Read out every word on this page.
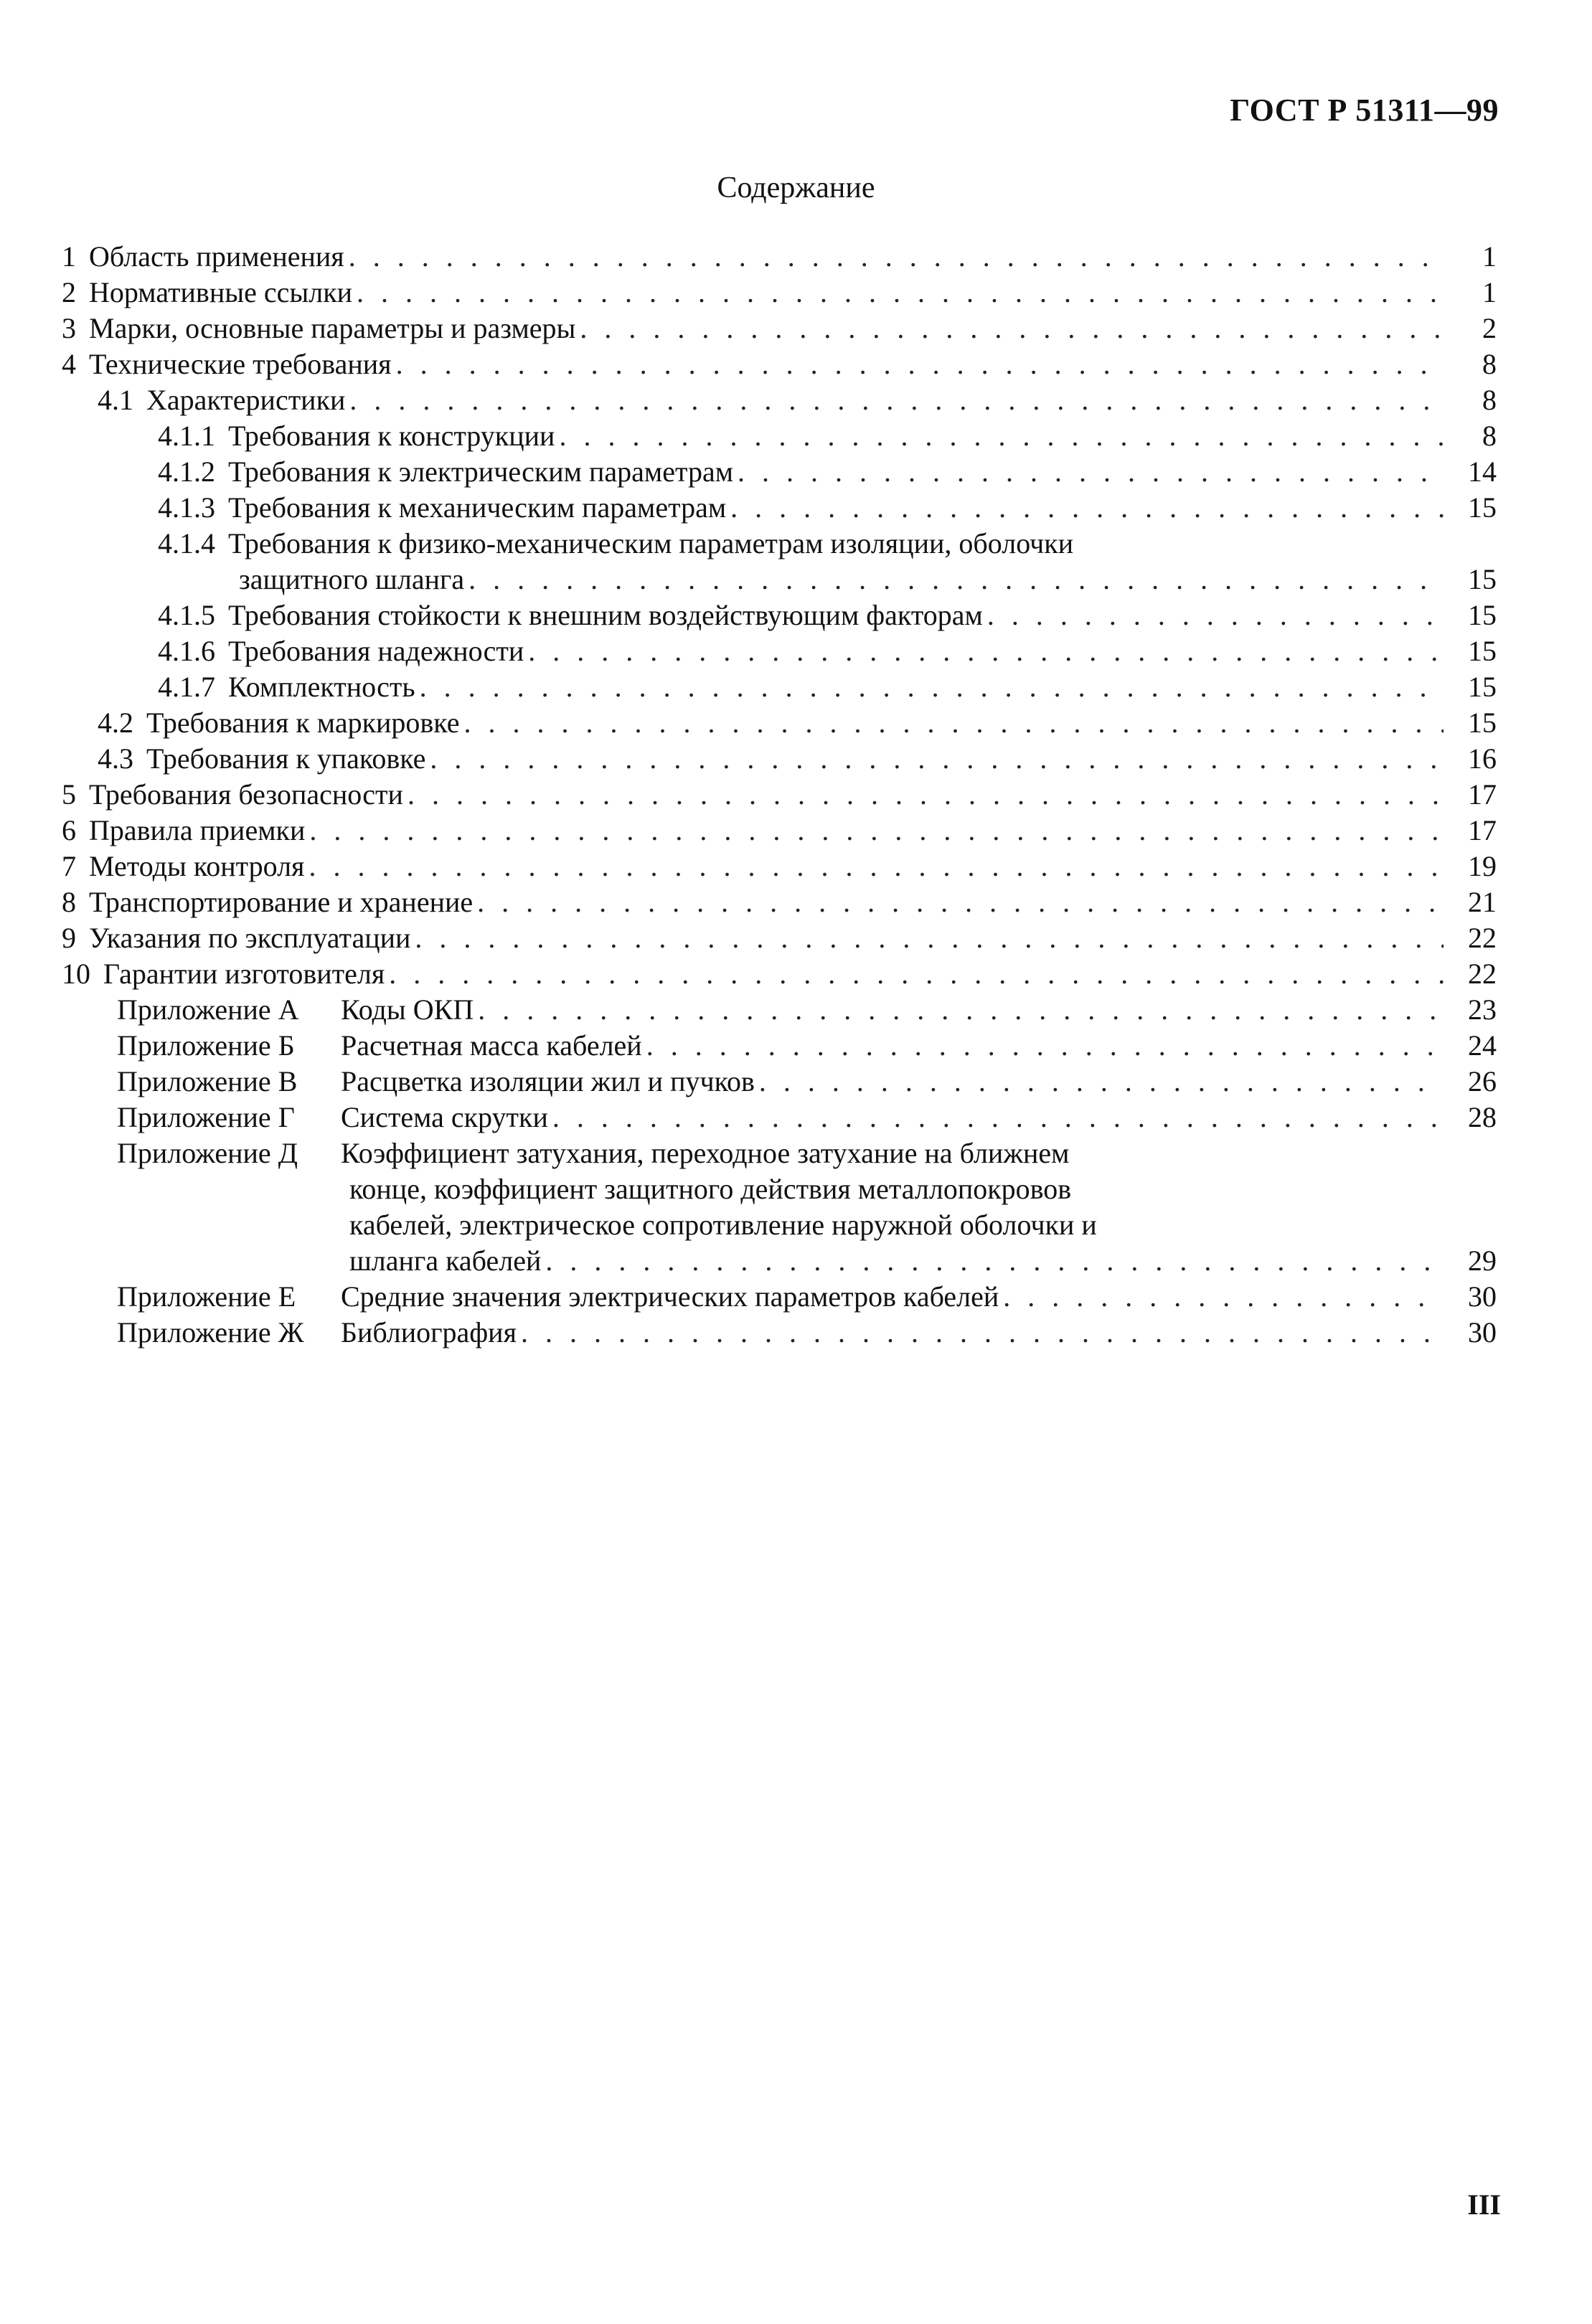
ГОСТ Р 51311—99
Содержание
1 Область применения . . .	1
2 Нормативные ссылки . . .	1
3 Марки, основные параметры и размеры . . .	2
4 Технические требования . . .	8
4.1 Характеристики . . .	8
4.1.1 Требования к конструкции . . .	8
4.1.2 Требования к электрическим параметрам . . .	14
4.1.3 Требования к механическим параметрам . . .	15
4.1.4 Требования к физико-механическим параметрам изоляции, оболочки
защитного шланга . . .	15
4.1.5 Требования стойкости к внешним воздействующим факторам . . .	15
4.1.6 Требования надежности . . .	15
4.1.7 Комплектность . . .	15
4.2 Требования к маркировке . . .	15
4.3 Требования к упаковке . . .	16
5 Требования безопасности . . .	17
6 Правила приемки . . .	17
7 Методы контроля . . .	19
8 Транспортирование и хранение . . .	21
9 Указания по эксплуатации . . .	22
10 Гарантии изготовителя . . .	22
Приложение А	Коды ОКП . . .	23
Приложение Б	Расчетная масса кабелей . . .	24
Приложение В	Расцветка изоляции жил и пучков . . .	26
Приложение Г	Система скрутки . . .	28
Приложение Д	Коэффициент затухания, переходное затухание на ближнем
конце, коэффициент защитного действия металлопокровов
кабелей, электрическое сопротивление наружной оболочки и
шланга кабелей . . .	29
Приложение Е	Средние значения электрических параметров кабелей . . .	30
Приложение Ж	Библиография . . .	30
III
